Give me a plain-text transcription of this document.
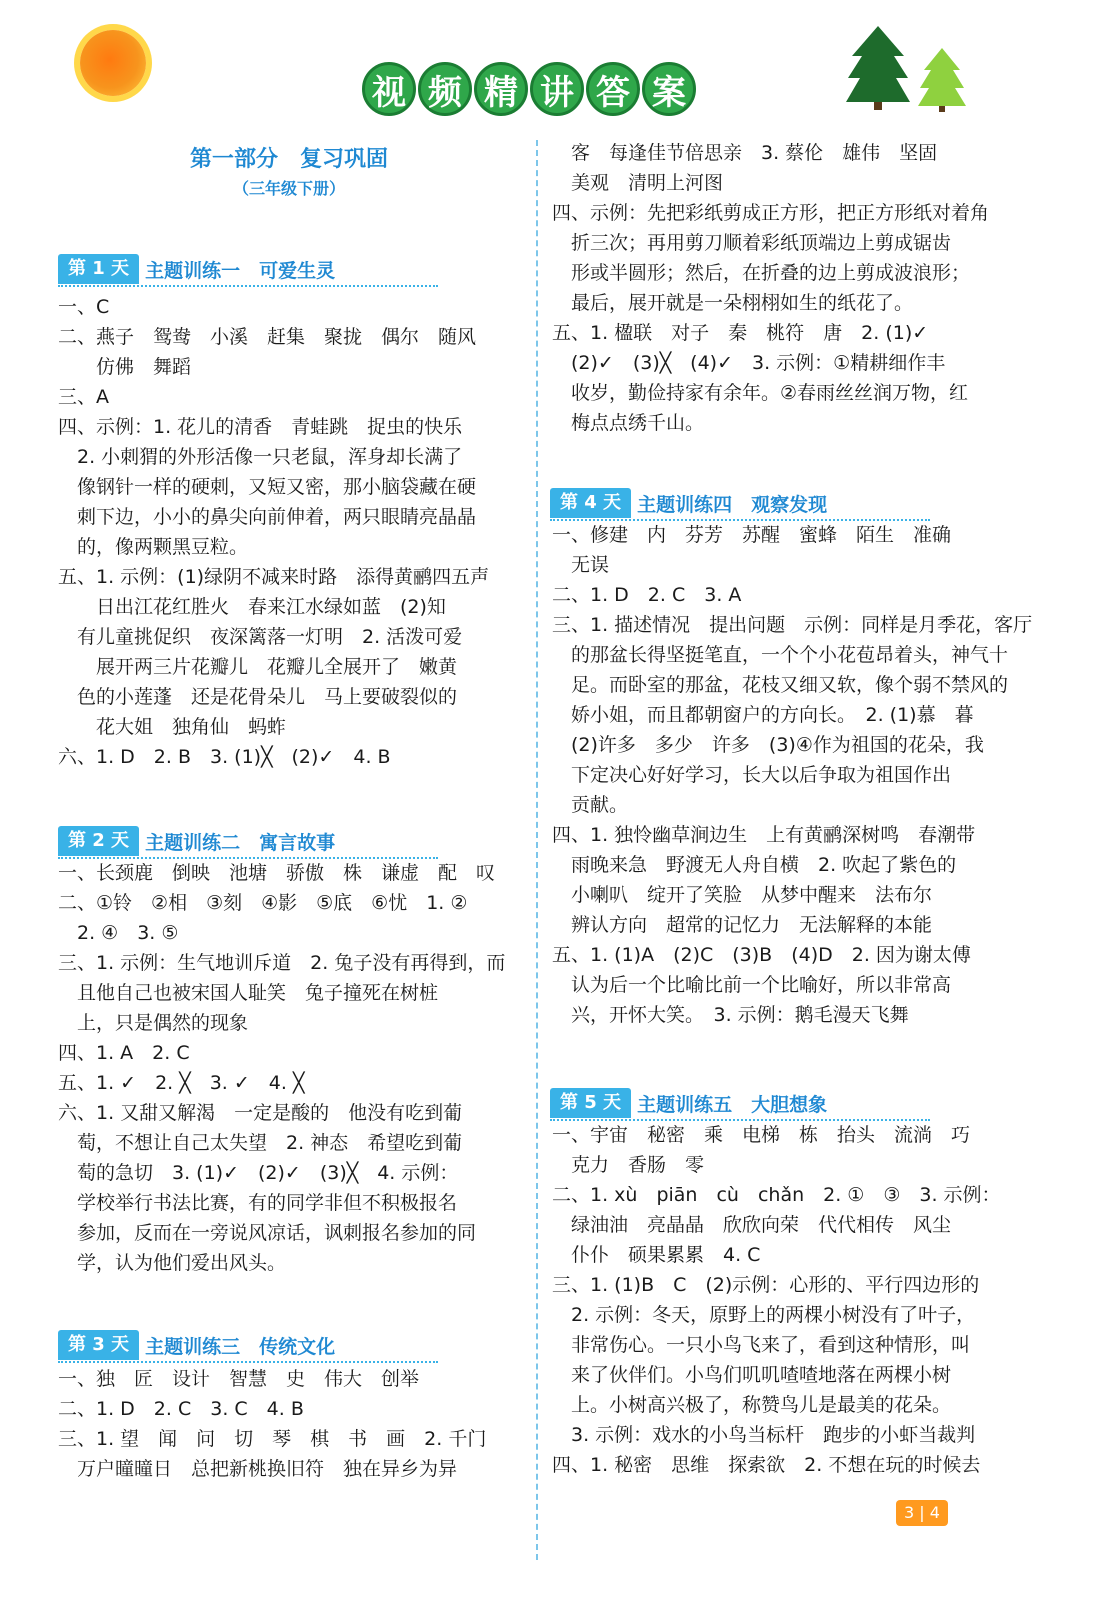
视 频 精 讲 答 案
第一部分　复习巩固
（三年级下册）
第 1 天 主题训练一　可爱生灵
一、C
二、燕子　鸳鸯　小溪　赶集　聚拢　偶尔　随风
　　仿佛　舞蹈
三、A
四、示例：1. 花儿的清香　青蛙跳　捉虫的快乐
　2. 小刺猬的外形活像一只老鼠，浑身却长满了
　像钢针一样的硬刺，又短又密，那小脑袋藏在硬
　刺下边，小小的鼻尖向前伸着，两只眼睛亮晶晶
　的，像两颗黑豆粒。
五、1. 示例：(1)绿阴不减来时路　添得黄鹂四五声
　　日出江花红胜火　春来江水绿如蓝　(2)知
　有儿童挑促织　夜深篱落一灯明　2. 活泼可爱
　　展开两三片花瓣儿　花瓣儿全展开了　嫩黄
　色的小莲蓬　还是花骨朵儿　马上要破裂似的
　　花大姐　独角仙　蚂蚱
六、1. D　2. B　3. (1)╳　(2)✓　4. B
第 2 天 主题训练二　寓言故事
一、长颈鹿　倒映　池塘　骄傲　株　谦虚　配　叹
二、①铃　②相　③刻　④影　⑤底　⑥忧　1. ②
　2. ④　3. ⑤
三、1. 示例：生气地训斥道　2. 兔子没有再得到，而
　且他自己也被宋国人耻笑　兔子撞死在树桩
　上，只是偶然的现象
四、1. A　2. C
五、1. ✓　2. ╳　3. ✓　4. ╳
六、1. 又甜又解渴　一定是酸的　他没有吃到葡
　萄，不想让自己太失望　2. 神态　希望吃到葡
　萄的急切　3. (1)✓　(2)✓　(3)╳　4. 示例：
　学校举行书法比赛，有的同学非但不积极报名
　参加，反而在一旁说风凉话，讽刺报名参加的同
　学，认为他们爱出风头。
第 3 天 主题训练三　传统文化
一、独　匠　设计　智慧　史　伟大　创举
二、1. D　2. C　3. C　4. B
三、1. 望　闻　问　切　琴　棋　书　画　2. 千门
　万户曈曈日　总把新桃换旧符　独在异乡为异
　客　每逢佳节倍思亲　3. 蔡伦　雄伟　坚固
　美观　清明上河图
四、示例：先把彩纸剪成正方形，把正方形纸对着角
　折三次；再用剪刀顺着彩纸顶端边上剪成锯齿
　形或半圆形；然后，在折叠的边上剪成波浪形；
　最后，展开就是一朵栩栩如生的纸花了。
五、1. 楹联　对子　秦　桃符　唐　2. (1)✓
　(2)✓　(3)╳　(4)✓　3. 示例：①精耕细作丰
　收岁，勤俭持家有余年。②春雨丝丝润万物，红
　梅点点绣千山。
第 4 天 主题训练四　观察发现
一、修建　内　芬芳　苏醒　蜜蜂　陌生　准确
　无误
二、1. D　2. C　3. A
三、1. 描述情况　提出问题　示例：同样是月季花，客厅
　的那盆长得坚挺笔直，一个个小花苞昂着头，神气十
　足。而卧室的那盆，花枝又细又软，像个弱不禁风的
　娇小姐，而且都朝窗户的方向长。　2. (1)慕　暮
　(2)许多　多少　许多　(3)④作为祖国的花朵，我
　下定决心好好学习，长大以后争取为祖国作出
　贡献。
四、1. 独怜幽草涧边生　上有黄鹂深树鸣　春潮带
　雨晚来急　野渡无人舟自横　2. 吹起了紫色的
　小喇叭　绽开了笑脸　从梦中醒来　法布尔
　辨认方向　超常的记忆力　无法解释的本能
五、1. (1)A　(2)C　(3)B　(4)D　2. 因为谢太傅
　认为后一个比喻比前一个比喻好，所以非常高
　兴，开怀大笑。　3. 示例：鹅毛漫天飞舞
第 5 天 主题训练五　大胆想象
一、宇宙　秘密　乘　电梯　栋　抬头　流淌　巧
　克力　香肠　零
二、1. xù　piān　cù　chǎn　2. ①　③　3. 示例：
　绿油油　亮晶晶　欣欣向荣　代代相传　风尘
　仆仆　硕果累累　4. C
三、1. (1)B　C　(2)示例：心形的、平行四边形的
　2. 示例：冬天，原野上的两棵小树没有了叶子，
　非常伤心。一只小鸟飞来了，看到这种情形，叫
　来了伙伴们。小鸟们叽叽喳喳地落在两棵小树
　上。小树高兴极了，称赞鸟儿是最美的花朵。
　3. 示例：戏水的小鸟当标杆　跑步的小虾当裁判
四、1. 秘密　思维　探索欲　2. 不想在玩的时候去
3 | 4
